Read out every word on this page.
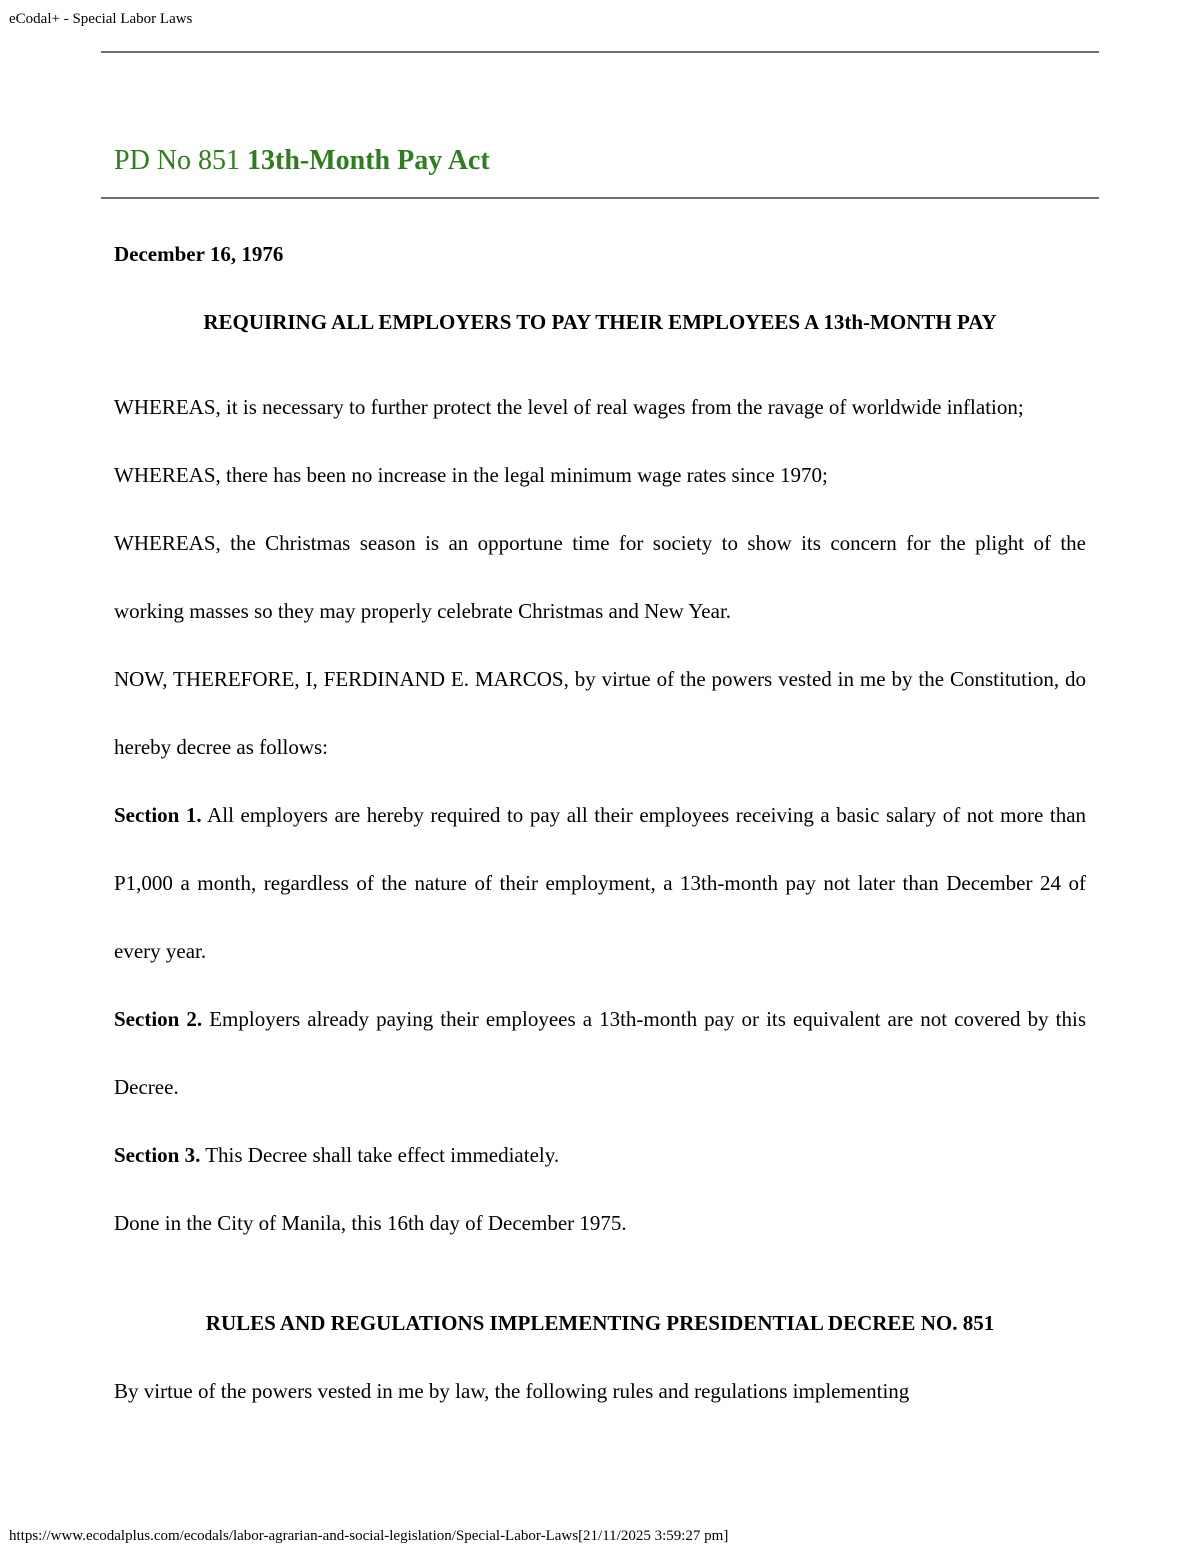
eCodal+ - Special Labor Laws
PD No 851 13th-Month Pay Act

December 16, 1976

REQUIRING ALL EMPLOYERS TO PAY THEIR EMPLOYEES A 13th-MONTH PAY

WHEREAS, it is necessary to further protect the level of real wages from the ravage of worldwide inflation;

WHEREAS, there has been no increase in the legal minimum wage rates since 1970;

WHEREAS, the Christmas season is an opportune time for society to show its concern for the plight of the working masses so they may properly celebrate Christmas and New Year.

NOW, THEREFORE, I, FERDINAND E. MARCOS, by virtue of the powers vested in me by the Constitution, do hereby decree as follows:

Section 1. All employers are hereby required to pay all their employees receiving a basic salary of not more than P1,000 a month, regardless of the nature of their employment, a 13th-month pay not later than December 24 of every year.

Section 2. Employers already paying their employees a 13th-month pay or its equivalent are not covered by this Decree.

Section 3. This Decree shall take effect immediately.

Done in the City of Manila, this 16th day of December 1975.

RULES AND REGULATIONS IMPLEMENTING PRESIDENTIAL DECREE NO. 851

By virtue of the powers vested in me by law, the following rules and regulations implementing

https://www.ecodalplus.com/ecodals/labor-agrarian-and-social-legislation/Special-Labor-Laws[21/11/2025 3:59:27 pm]
